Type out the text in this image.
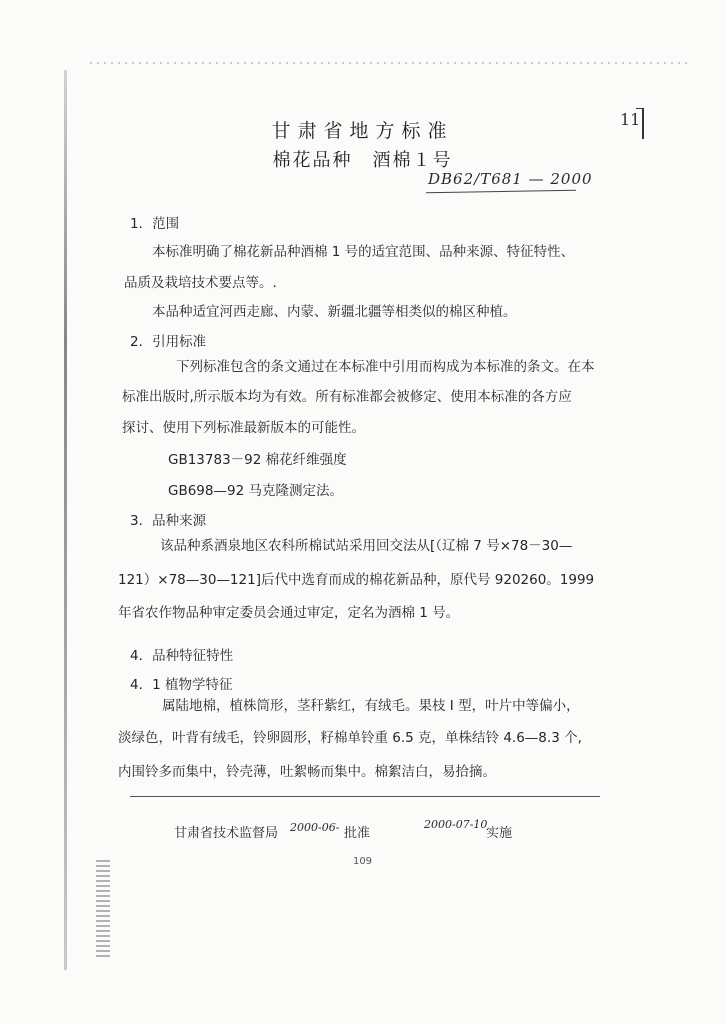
11
甘肃省地方标准
棉花品种　酒棉１号
DB62/T681 — 2000
1．范围
本标准明确了棉花新品种酒棉 1 号的适宜范围、品种来源、特征特性、
品质及栽培技术要点等。.
本品种适宜河西走廊、内蒙、新疆北疆等相类似的棉区种植。
2．引用标准
下列标准包含的条文通过在本标准中引用而构成为本标准的条文。在本
标准出版时,所示版本均为有效。所有标准都会被修定、使用本标准的各方应
探讨、使用下列标准最新版本的可能性。
GB13783－92 棉花纤维强度
GB698—92 马克隆测定法。
3．品种来源
该品种系酒泉地区农科所棉试站采用回交法从[（辽棉 7 号×78－30—
121）×78—30—121]后代中选育而成的棉花新品种，原代号 920260。1999
年省农作物品种审定委员会通过审定，定名为酒棉 1 号。
4．品种特征特性
4．1 植物学特征
属陆地棉，植株筒形，茎秆紫红，有绒毛。果枝 I 型，叶片中等偏小，
淡绿色，叶背有绒毛，铃卵圆形，籽棉单铃重 6.5 克，单株结铃 4.6—8.3 个,
内围铃多而集中，铃壳薄，吐絮畅而集中。棉絮洁白，易拾摘。
甘肃省技术监督局 2000-06- 批准
2000-07-10
实施
109
